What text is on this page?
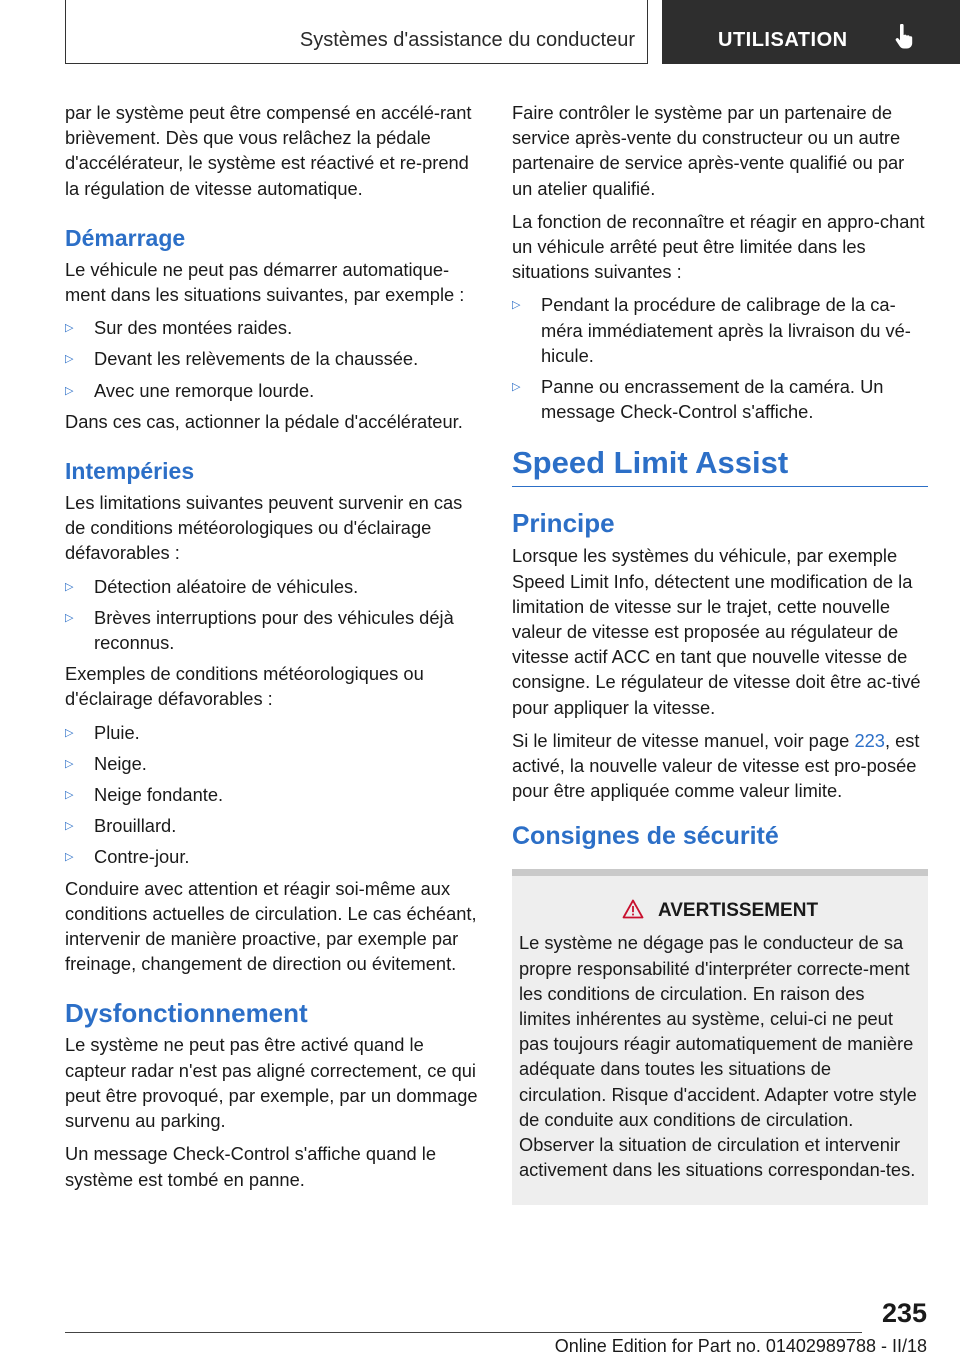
Systèmes d'assistance du conducteur	UTILISATION

par le système peut être compensé en accélé-rant brièvement. Dès que vous relâchez la pédale d'accélérateur, le système est réactivé et re-prend la régulation de vitesse automatique.

Démarrage

Le véhicule ne peut pas démarrer automatique-ment dans les situations suivantes, par exemple :

▷ Sur des montées raides.
▷ Devant les relèvements de la chaussée.
▷ Avec une remorque lourde.

Dans ces cas, actionner la pédale d'accélérateur.

Intempéries

Les limitations suivantes peuvent survenir en cas de conditions météorologiques ou d'éclairage défavorables :

▷ Détection aléatoire de véhicules.
▷ Brèves interruptions pour des véhicules déjà reconnus.

Exemples de conditions météorologiques ou d'éclairage défavorables :

▷ Pluie.
▷ Neige.
▷ Neige fondante.
▷ Brouillard.
▷ Contre-jour.

Conduire avec attention et réagir soi-même aux conditions actuelles de circulation. Le cas échéant, intervenir de manière proactive, par exemple par freinage, changement de direction ou évitement.

Dysfonctionnement

Le système ne peut pas être activé quand le capteur radar n'est pas aligné correctement, ce qui peut être provoqué, par exemple, par un dommage survenu au parking.

Un message Check-Control s'affiche quand le système est tombé en panne.

Faire contrôler le système par un partenaire de service après-vente du constructeur ou un autre partenaire de service après-vente qualifié ou par un atelier qualifié.

La fonction de reconnaître et réagir en appro-chant un véhicule arrêté peut être limitée dans les situations suivantes :

▷ Pendant la procédure de calibrage de la ca-méra immédiatement après la livraison du vé-hicule.
▷ Panne ou encrassement de la caméra. Un message Check-Control s'affiche.
Speed Limit Assist
Principe

Lorsque les systèmes du véhicule, par exemple Speed Limit Info, détectent une modification de la limitation de vitesse sur le trajet, cette nouvelle valeur de vitesse est proposée au régulateur de vitesse actif ACC en tant que nouvelle vitesse de consigne. Le régulateur de vitesse doit être ac-tivé pour appliquer la vitesse.

Si le limiteur de vitesse manuel, voir page 223, est activé, la nouvelle valeur de vitesse est pro-posée pour être appliquée comme valeur limite.

Consignes de sécurité
AVERTISSEMENT

Le système ne dégage pas le conducteur de sa propre responsabilité d'interpréter correcte-ment les conditions de circulation. En raison des limites inhérentes au système, celui-ci ne peut pas toujours réagir automatiquement de manière adéquate dans toutes les situations de circulation. Risque d'accident. Adapter votre style de conduite aux conditions de circulation. Observer la situation de circulation et intervenir activement dans les situations correspondan-tes.

235
Online Edition for Part no. 01402989788 - II/18
